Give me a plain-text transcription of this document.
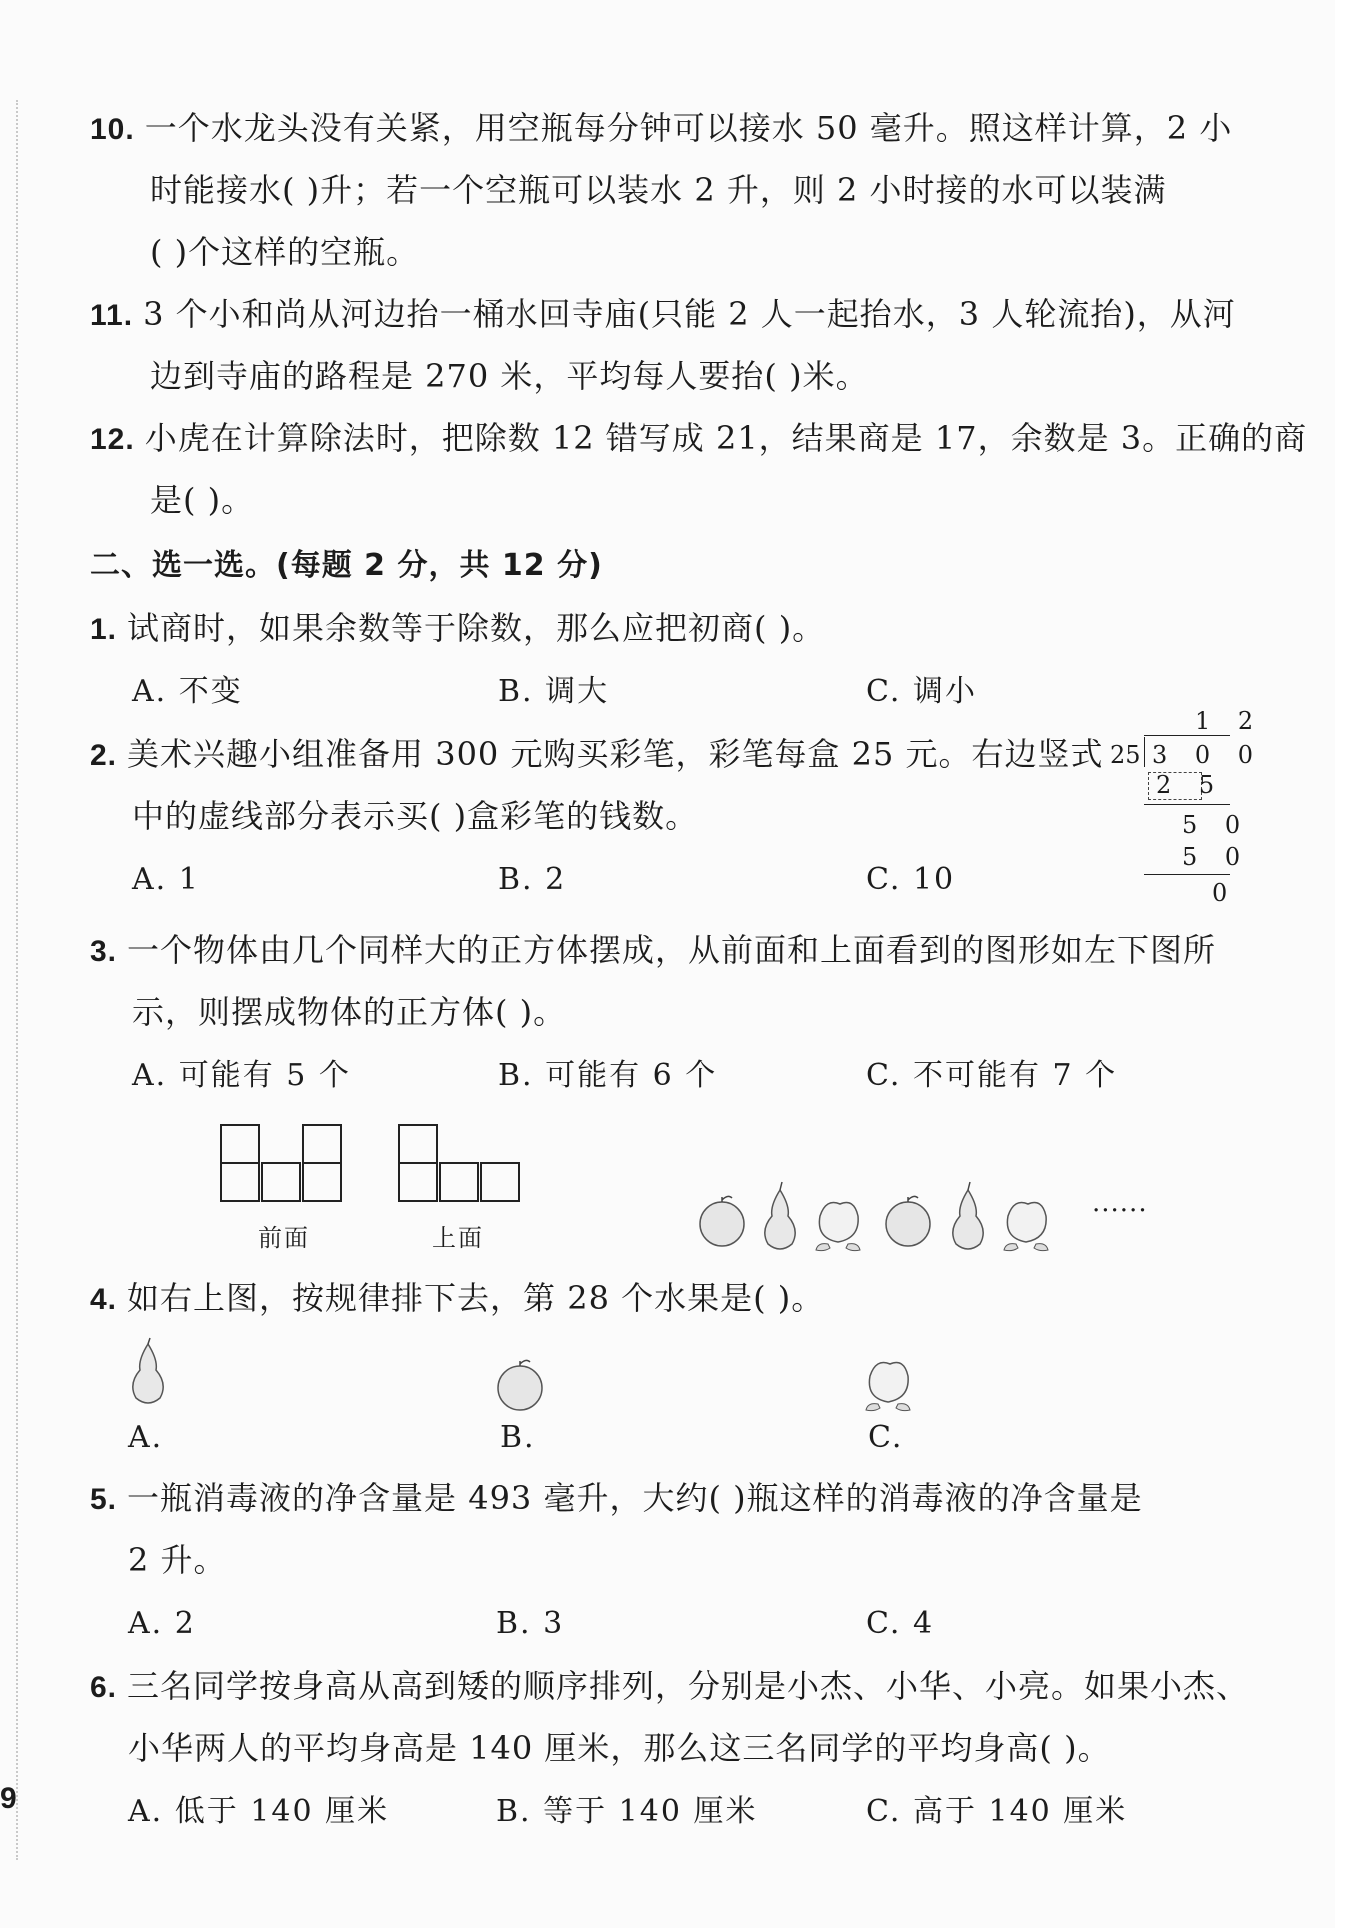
10. 一个水龙头没有关紧，用空瓶每分钟可以接水 50 毫升。照这样计算，2 小
时能接水( )升；若一个空瓶可以装水 2 升，则 2 小时接的水可以装满
( )个这样的空瓶。
11. 3 个小和尚从河边抬一桶水回寺庙(只能 2 人一起抬水，3 人轮流抬)，从河
边到寺庙的路程是 270 米，平均每人要抬( )米。
12. 小虎在计算除法时，把除数 12 错写成 21，结果商是 17，余数是 3。正确的商
是( )。
二、选一选。(每题 2 分，共 12 分)
1. 试商时，如果余数等于除数，那么应把初商( )。
A. 不变	B. 调大	C. 调小
2. 美术兴趣小组准备用 300 元购买彩笔，彩笔每盒 25 元。右边竖式
中的虚线部分表示买( )盒彩笔的钱数。
A. 1	B. 2	C. 10
1 2
25 3 0 0
2 5
5 0
5 0
0
3. 一个物体由几个同样大的正方体摆成，从前面和上面看到的图形如左下图所
示，则摆成物体的正方体( )。
A. 可能有 5 个	B. 可能有 6 个	C. 不可能有 7 个
前面	上面
......
4. 如右上图，按规律排下去，第 28 个水果是( )。
A.	B.	C.
5. 一瓶消毒液的净含量是 493 毫升，大约( )瓶这样的消毒液的净含量是
2 升。
A. 2	B. 3	C. 4
6. 三名同学按身高从高到矮的顺序排列，分别是小杰、小华、小亮。如果小杰、
小华两人的平均身高是 140 厘米，那么这三名同学的平均身高( )。
A. 低于 140 厘米	B. 等于 140 厘米	C. 高于 140 厘米
9
